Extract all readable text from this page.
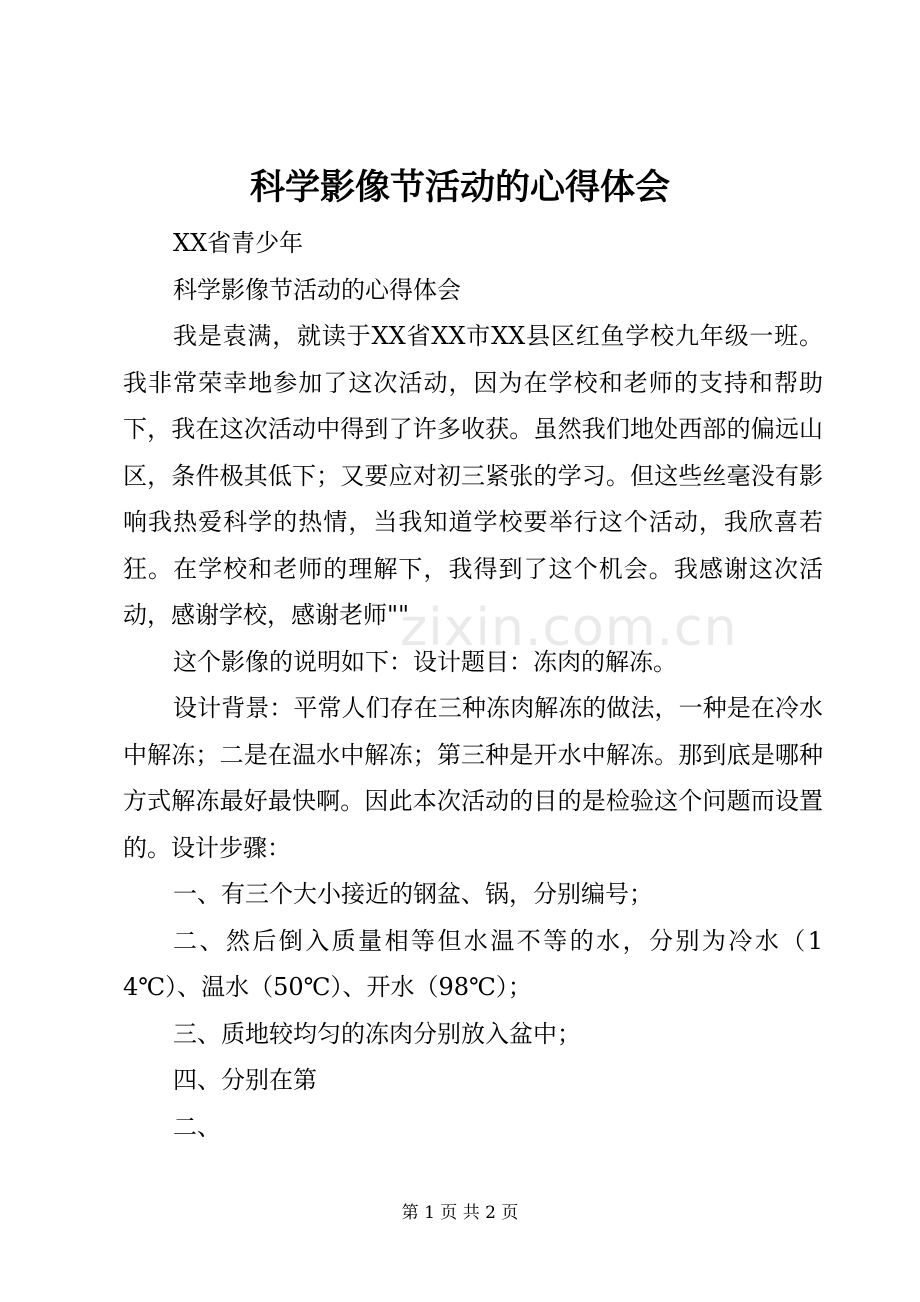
科学影像节活动的心得体会

XX省青少年

科学影像节活动的心得体会

我是袁满，就读于XX省XX市XX县区红鱼学校九年级一班。我非常荣幸地参加了这次活动，因为在学校和老师的支持和帮助下，我在这次活动中得到了许多收获。虽然我们地处西部的偏远山区，条件极其低下；又要应对初三紧张的学习。但这些丝毫没有影响我热爱科学的热情，当我知道学校要举行这个活动，我欣喜若狂。在学校和老师的理解下，我得到了这个机会。我感谢这次活动，感谢学校，感谢老师""

这个影像的说明如下：设计题目：冻肉的解冻。

设计背景：平常人们存在三种冻肉解冻的做法，一种是在冷水中解冻；二是在温水中解冻；第三种是开水中解冻。那到底是哪种方式解冻最好最快啊。因此本次活动的目的是检验这个问题而设置的。设计步骤：

一、有三个大小接近的钢盆、锅，分别编号；

二、然后倒入质量相等但水温不等的水，分别为冷水（14℃）、温水（50℃）、开水（98℃）；

三、质地较均匀的冻肉分别放入盆中；

四、分别在第

二、

zixin.com.cn
第 1 页 共 2 页
